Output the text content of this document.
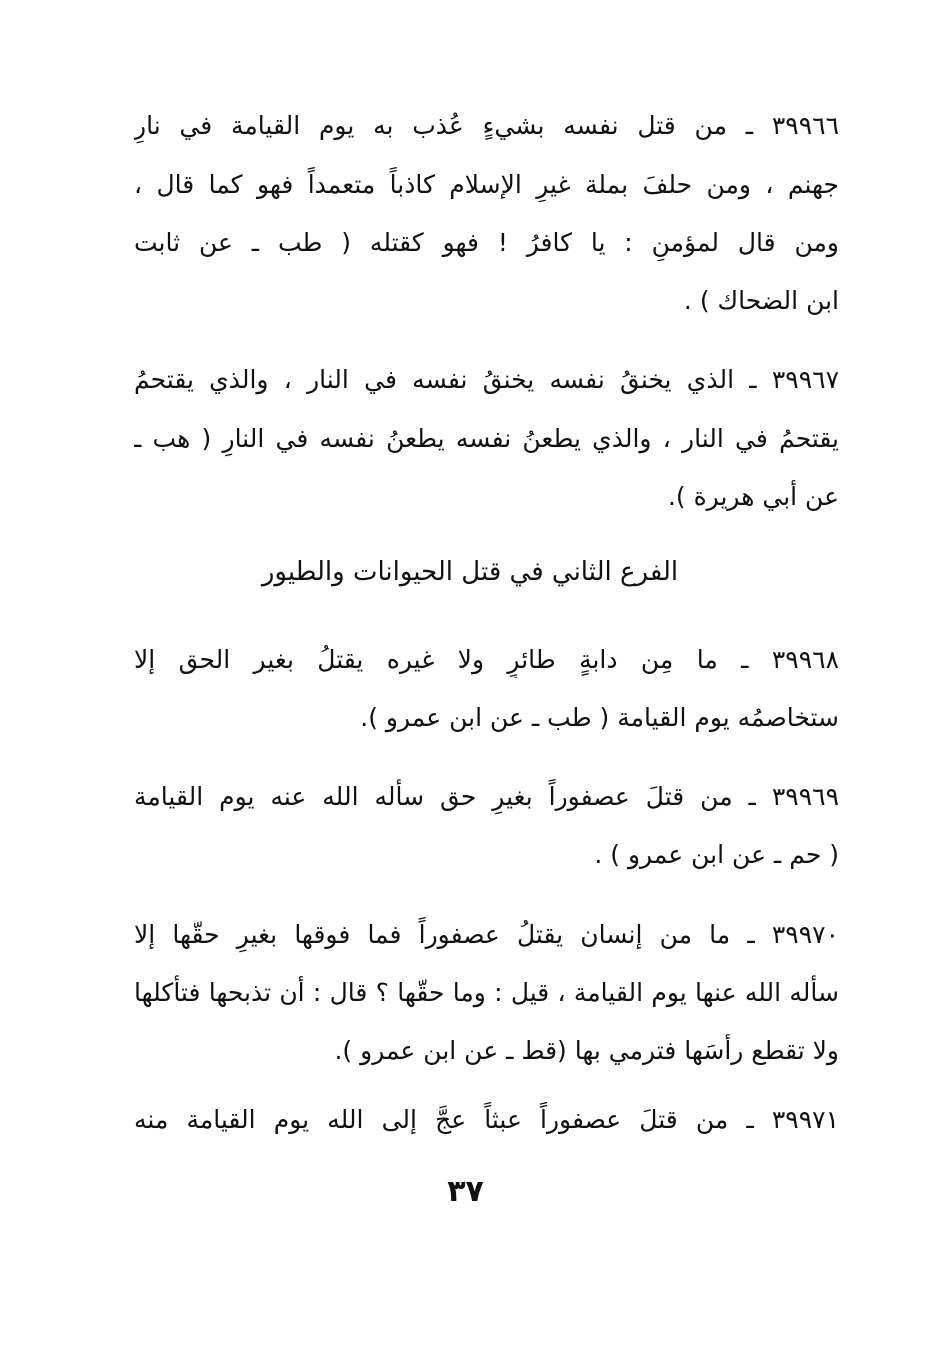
٣٩٩٦٦ ـ من قتل نفسه بشيءٍ عُذب به يوم القيامة في نارِ
جهنم ، ومن حلفَ بملة غيرِ الإسلام كاذباً متعمداً فهو كما قال ،
ومن قال لمؤمنٍ : يا كافرُ ! فهو كقتله ( طب ـ عن ثابت
ابن الضحاك ) .
٣٩٩٦٧ ـ الذي يخنقُ نفسه يخنقُ نفسه في النار ، والذي يقتحمُ
يقتحمُ في النار ، والذي يطعنُ نفسه يطعنُ نفسه في النارِ ( هب ـ
عن أبي هريرة ).
الفرع الثاني في قتل الحيوانات والطيور
٣٩٩٦٨ ـ ما مِن دابةٍ طائرٍ ولا غيره يقتلُ بغير الحق إلا
ستخاصمُه يوم القيامة ( طب ـ عن ابن عمرو ).
٣٩٩٦٩ ـ من قتلَ عصفوراً بغيرِ حق سأله الله عنه يوم القيامة
( حم ـ عن ابن عمرو ) .
٣٩٩٧٠ ـ ما من إنسان يقتلُ عصفوراً فما فوقها بغيرِ حقّها إلا
سأله الله عنها يوم القيامة ، قيل : وما حقّها ؟ قال : أن تذبحها فتأكلها
ولا تقطع رأسَها فترمي بها (قط ـ عن ابن عمرو ).
٣٩٩٧١ ـ من قتلَ عصفوراً عبثاً عجَّ إلى الله يوم القيامة منه
٣٧
